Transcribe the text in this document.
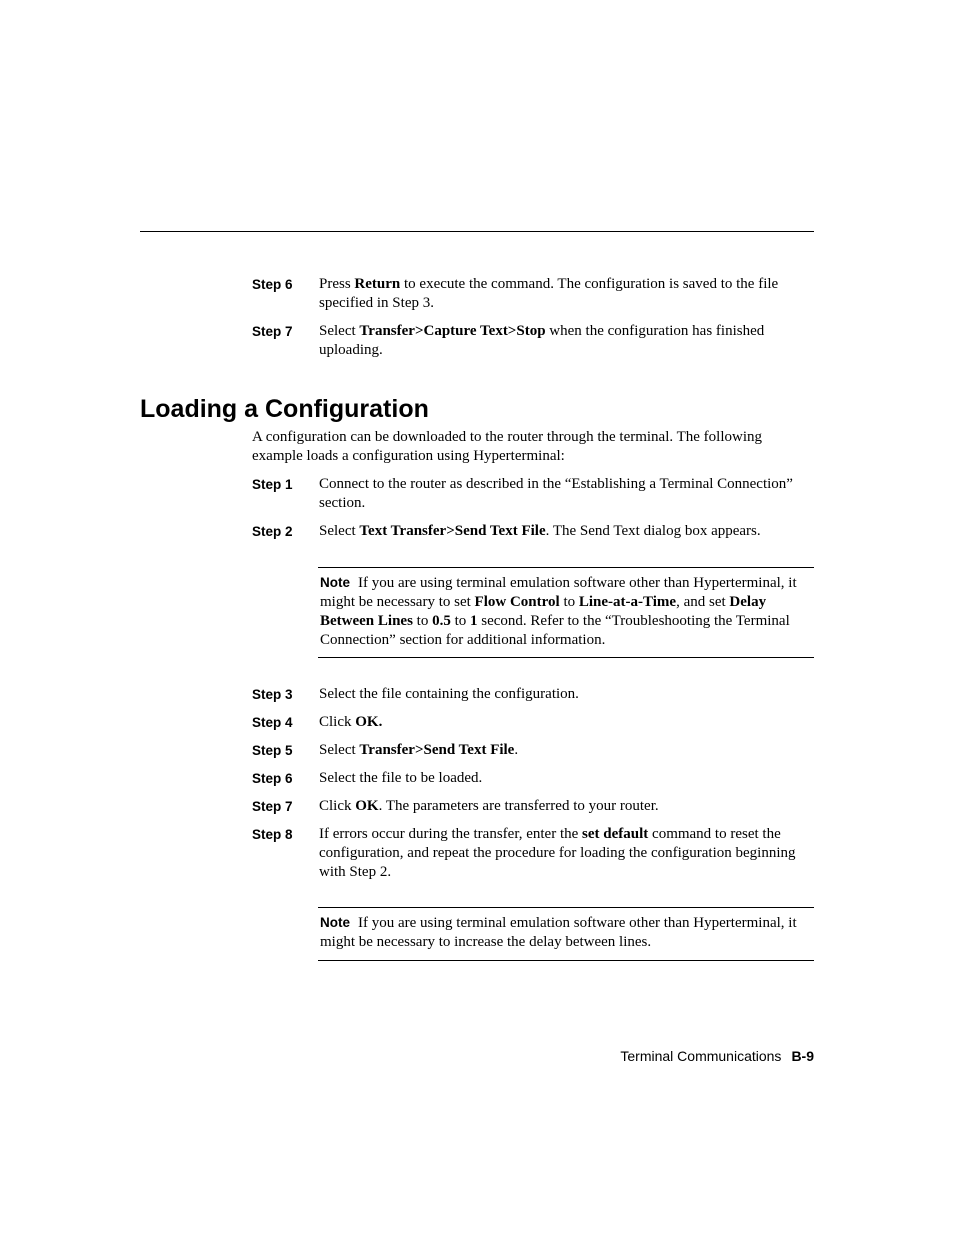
Step 6 Press Return to execute the command. The configuration is saved to the file specified in Step 3.
Step 7 Select Transfer>Capture Text>Stop when the configuration has finished uploading.
Loading a Configuration
A configuration can be downloaded to the router through the terminal. The following example loads a configuration using Hyperterminal:
Step 1 Connect to the router as described in the “Establishing a Terminal Connection” section.
Step 2 Select Text Transfer>Send Text File. The Send Text dialog box appears.
Note If you are using terminal emulation software other than Hyperterminal, it might be necessary to set Flow Control to Line-at-a-Time, and set Delay Between Lines to 0.5 to 1 second. Refer to the “Troubleshooting the Terminal Connection” section for additional information.
Step 3 Select the file containing the configuration.
Step 4 Click OK.
Step 5 Select Transfer>Send Text File.
Step 6 Select the file to be loaded.
Step 7 Click OK. The parameters are transferred to your router.
Step 8 If errors occur during the transfer, enter the set default command to reset the configuration, and repeat the procedure for loading the configuration beginning with Step 2.
Note If you are using terminal emulation software other than Hyperterminal, it might be necessary to increase the delay between lines.
Terminal Communications B-9
